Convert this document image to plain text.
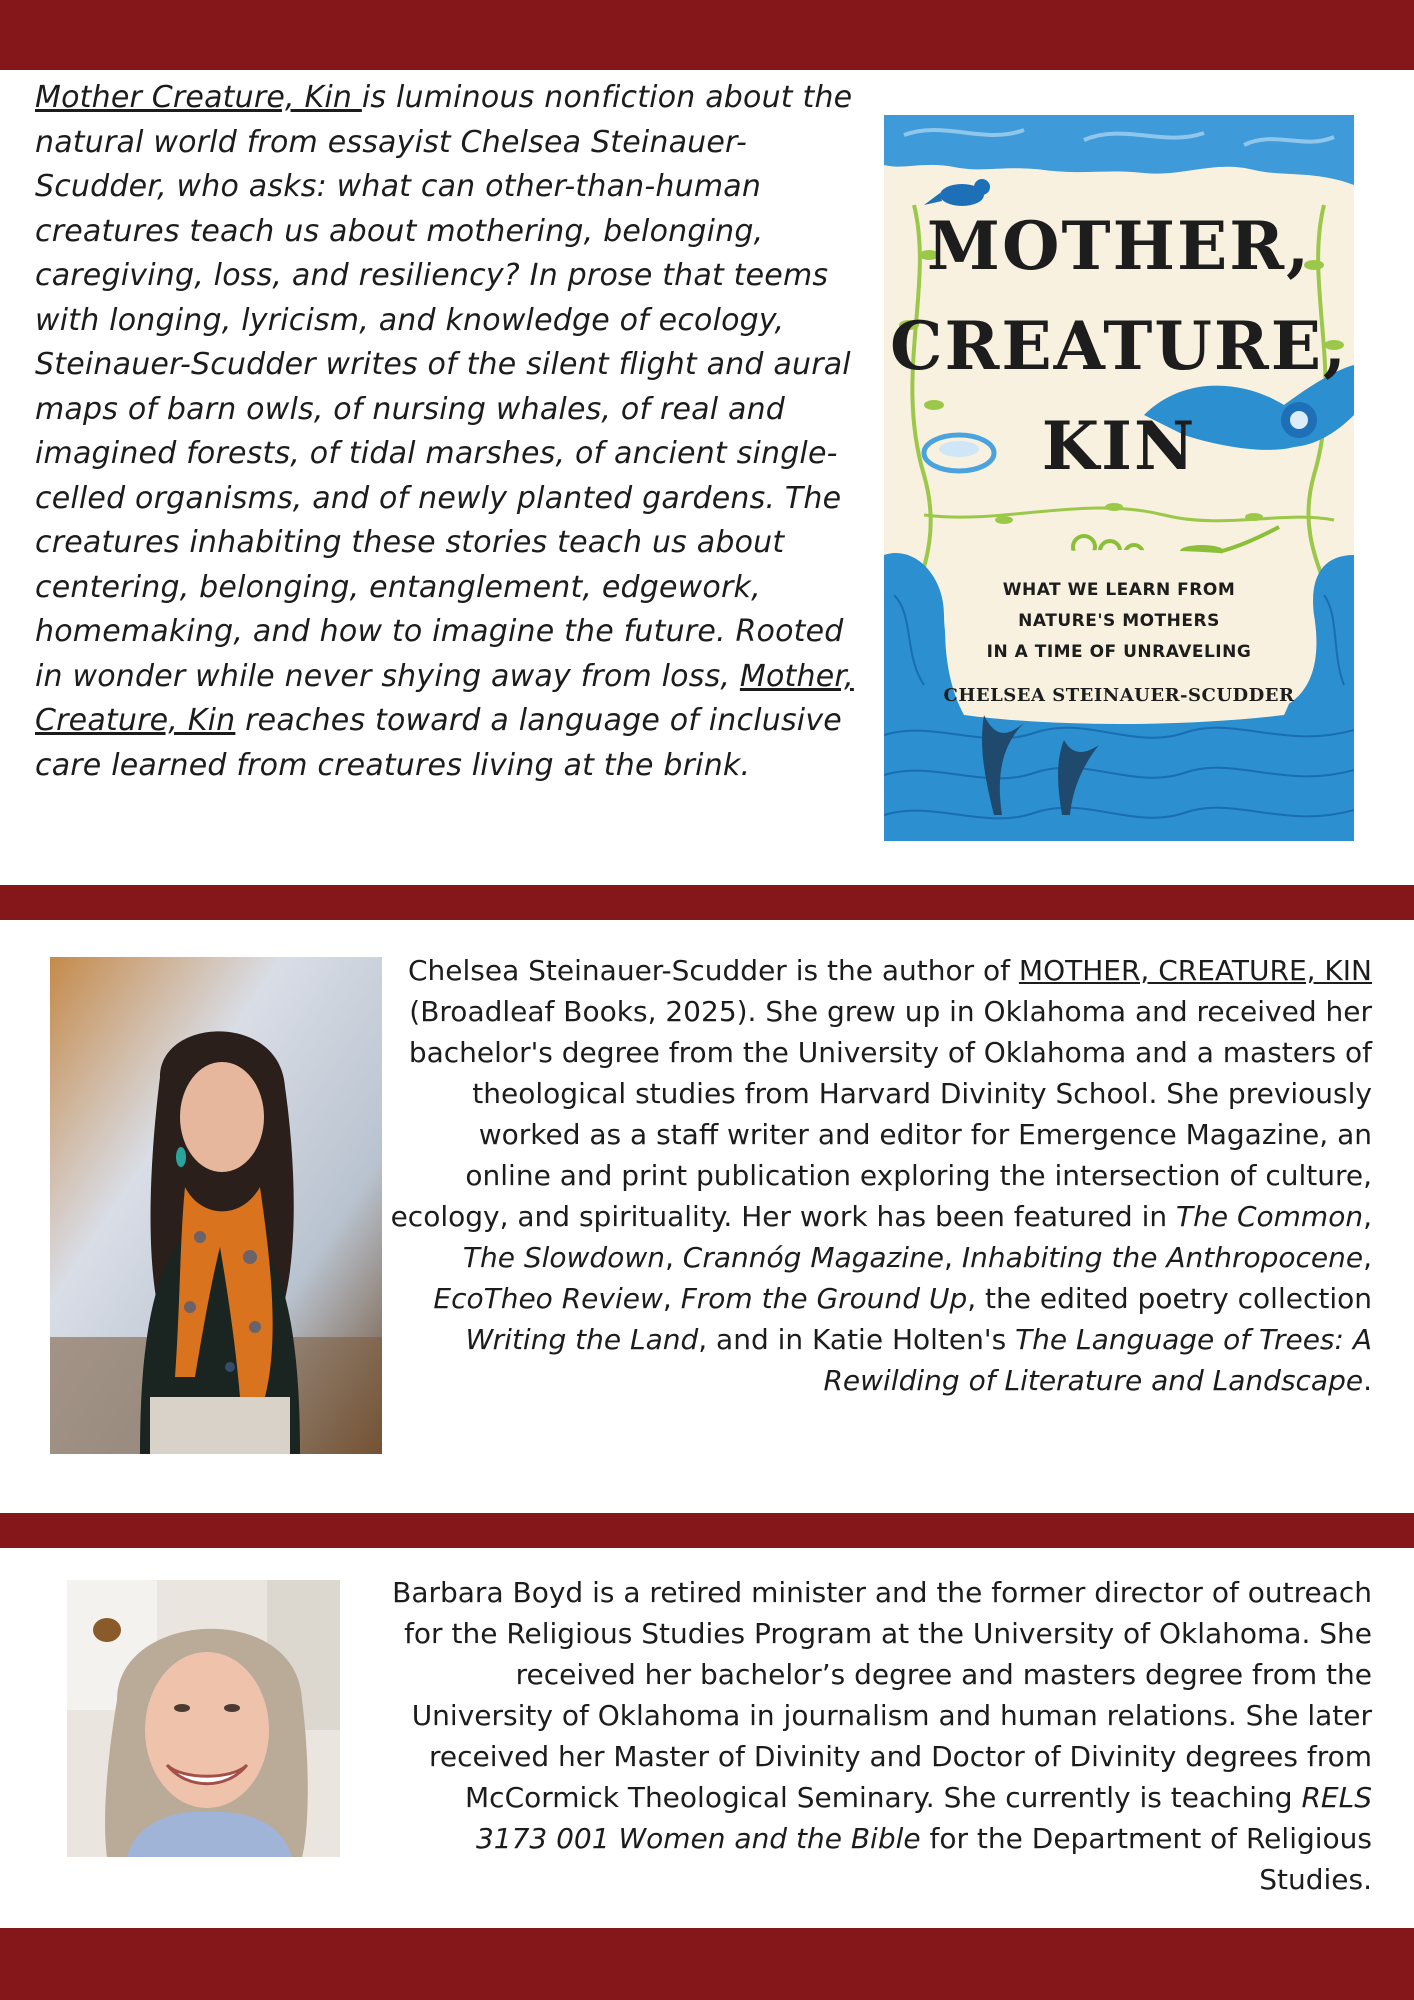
Mother Creature, Kin is luminous nonfiction about the natural world from essayist Chelsea Steinauer-Scudder, who asks: what can other-than-human creatures teach us about mothering, belonging, caregiving, loss, and resiliency? In prose that teems with longing, lyricism, and knowledge of ecology, Steinauer-Scudder writes of the silent flight and aural maps of barn owls, of nursing whales, of real and imagined forests, of tidal marshes, of ancient single-celled organisms, and of newly planted gardens. The creatures inhabiting these stories teach us about centering, belonging, entanglement, edgework, homemaking, and how to imagine the future. Rooted in wonder while never shying away from loss, Mother, Creature, Kin reaches toward a language of inclusive care learned from creatures living at the brink.
MOTHER,
CREATURE,
KIN
WHAT WE LEARN FROM
NATURE'S MOTHERS
IN A TIME OF UNRAVELING
CHELSEA STEINAUER-SCUDDER
Chelsea Steinauer-Scudder is the author of MOTHER, CREATURE, KIN (Broadleaf Books, 2025). She grew up in Oklahoma and received her bachelor's degree from the University of Oklahoma and a masters of theological studies from Harvard Divinity School. She previously worked as a staff writer and editor for Emergence Magazine, an online and print publication exploring the intersection of culture, ecology, and spirituality. Her work has been featured in The Common, The Slowdown, Crannóg Magazine, Inhabiting the Anthropocene, EcoTheo Review, From the Ground Up, the edited poetry collection Writing the Land, and in Katie Holten's The Language of Trees: A Rewilding of Literature and Landscape.
Barbara Boyd is a retired minister and the former director of outreach for the Religious Studies Program at the University of Oklahoma. She received her bachelor’s degree and masters degree from the University of Oklahoma in journalism and human relations. She later received her Master of Divinity and Doctor of Divinity degrees from McCormick Theological Seminary. She currently is teaching RELS 3173 001 Women and the Bible for the Department of Religious Studies.
